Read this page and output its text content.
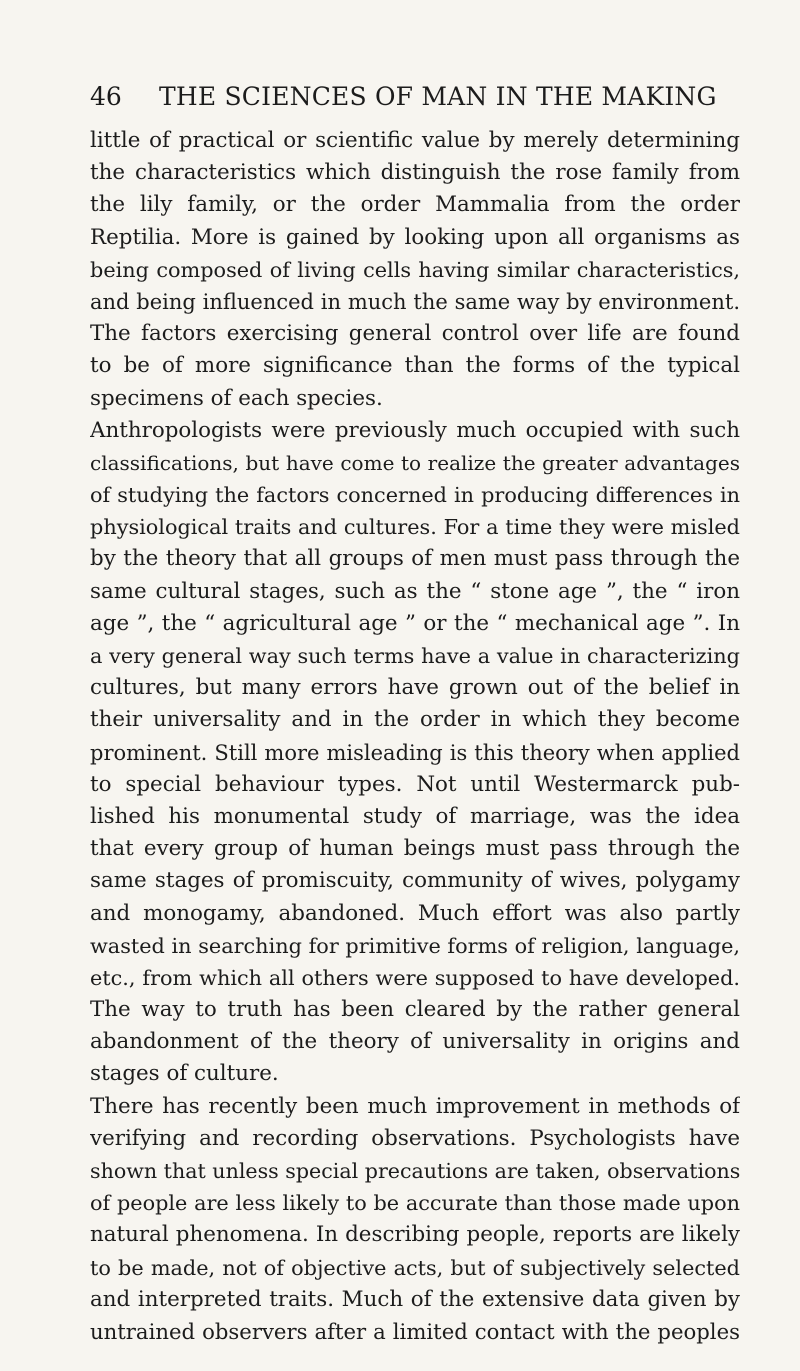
46 THE SCIENCES OF MAN IN THE MAKING
little of practical or scientific value by merely determining
the characteristics which distinguish the rose family from
the lily family, or the order Mammalia from the order
Reptilia. More is gained by looking upon all organisms as
being composed of living cells having similar characteristics,
and being influenced in much the same way by environment.
The factors exercising general control over life are found
to be of more significance than the forms of the typical
specimens of each species.
Anthropologists were previously much occupied with such
classifications, but have come to realize the greater advantages
of studying the factors concerned in producing differences in
physiological traits and cultures. For a time they were misled
by the theory that all groups of men must pass through the
same cultural stages, such as the “ stone age ”, the “ iron
age ”, the “ agricultural age ” or the “ mechanical age ”. In
a very general way such terms have a value in characterizing
cultures, but many errors have grown out of the belief in
their universality and in the order in which they become
prominent. Still more misleading is this theory when applied
to special behaviour types. Not until Westermarck pub-
lished his monumental study of marriage, was the idea
that every group of human beings must pass through the
same stages of promiscuity, community of wives, polygamy
and monogamy, abandoned. Much effort was also partly
wasted in searching for primitive forms of religion, language,
etc., from which all others were supposed to have developed.
The way to truth has been cleared by the rather general
abandonment of the theory of universality in origins and
stages of culture.
There has recently been much improvement in methods of
verifying and recording observations. Psychologists have
shown that unless special precautions are taken, observations
of people are less likely to be accurate than those made upon
natural phenomena. In describing people, reports are likely
to be made, not of objective acts, but of subjectively selected
and interpreted traits. Much of the extensive data given by
untrained observers after a limited contact with the peoples
